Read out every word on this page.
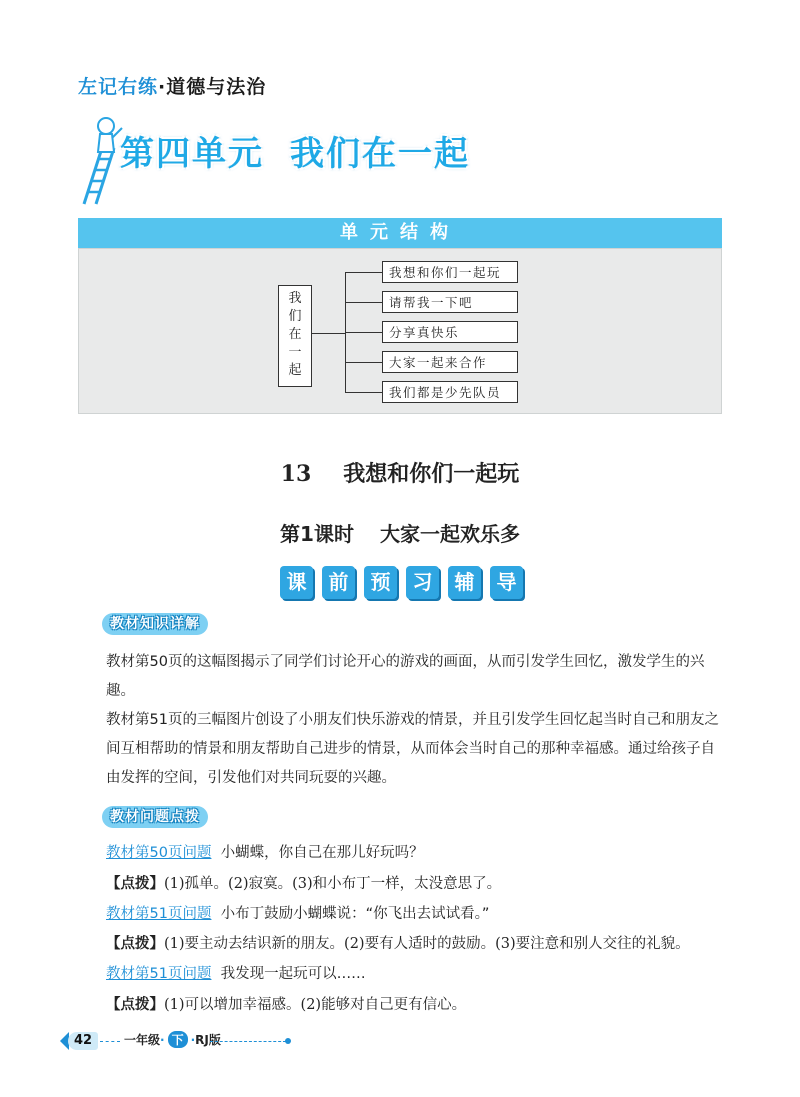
左记右练·道德与法治
第四单元 我们在一起
单元结构
我
们
在
一
起
我想和你们一起玩
请帮我一下吧
分享真快乐
大家一起来合作
我们都是少先队员
13 我想和你们一起玩
第1课时 大家一起欢乐多
课	前	预	习	辅	导
教材知识详解
教材第50页的这幅图揭示了同学们讨论开心的游戏的画面，从而引发学生回忆，激发学生的兴趣。
教材第51页的三幅图片创设了小朋友们快乐游戏的情景，并且引发学生回忆起当时自己和朋友之间互相帮助的情景和朋友帮助自己进步的情景，从而体会当时自己的那种幸福感。通过给孩子自由发挥的空间，引发他们对共同玩耍的兴趣。
教材问题点拨
教材第50页问题 小蝴蝶，你自己在那儿好玩吗？
【点拨】(1)孤单。(2)寂寞。(3)和小布丁一样，太没意思了。
教材第51页问题 小布丁鼓励小蝴蝶说：“你飞出去试试看。”
【点拨】(1)要主动去结识新的朋友。(2)要有人适时的鼓励。(3)要注意和别人交往的礼貌。
教材第51页问题 我发现一起玩可以……
【点拨】(1)可以增加幸福感。(2)能够对自己更有信心。
42	一年级· 下 ·RJ版
